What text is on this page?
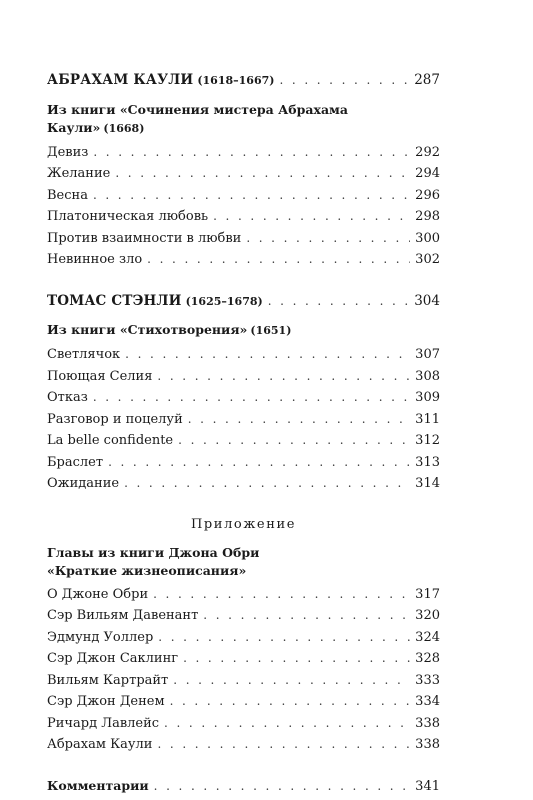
АБРАХАМ КАУЛИ (1618–1667) . . .	287
Из книги «Сочинения мистера Абрахама Каули» (1668)
Девиз . . .	292
Желание . . .	294
Весна . . .	296
Платоническая любовь . . .	298
Против взаимности в любви . . .	300
Невинное зло . . .	302
ТОМАС СТЭНЛИ (1625–1678) . . .	304
Из книги «Стихотворения» (1651)
Светлячок . . .	307
Поющая Селия . . .	308
Отказ . . .	309
Разговор и поцелуй . . .	311
La belle confidente . . .	312
Браслет . . .	313
Ожидание . . .	314
Приложение
Главы из книги Джона Обри
«Краткие жизнеописания»
О Джоне Обри . . .	317
Сэр Вильям Давенант . . .	320
Эдмунд Уоллер . . .	324
Сэр Джон Саклинг . . .	328
Вильям Картрайт . . .	333
Сэр Джон Денем . . .	334
Ричард Лавлейс . . .	338
Абрахам Каули . . .	338
Комментарии . . .	341
